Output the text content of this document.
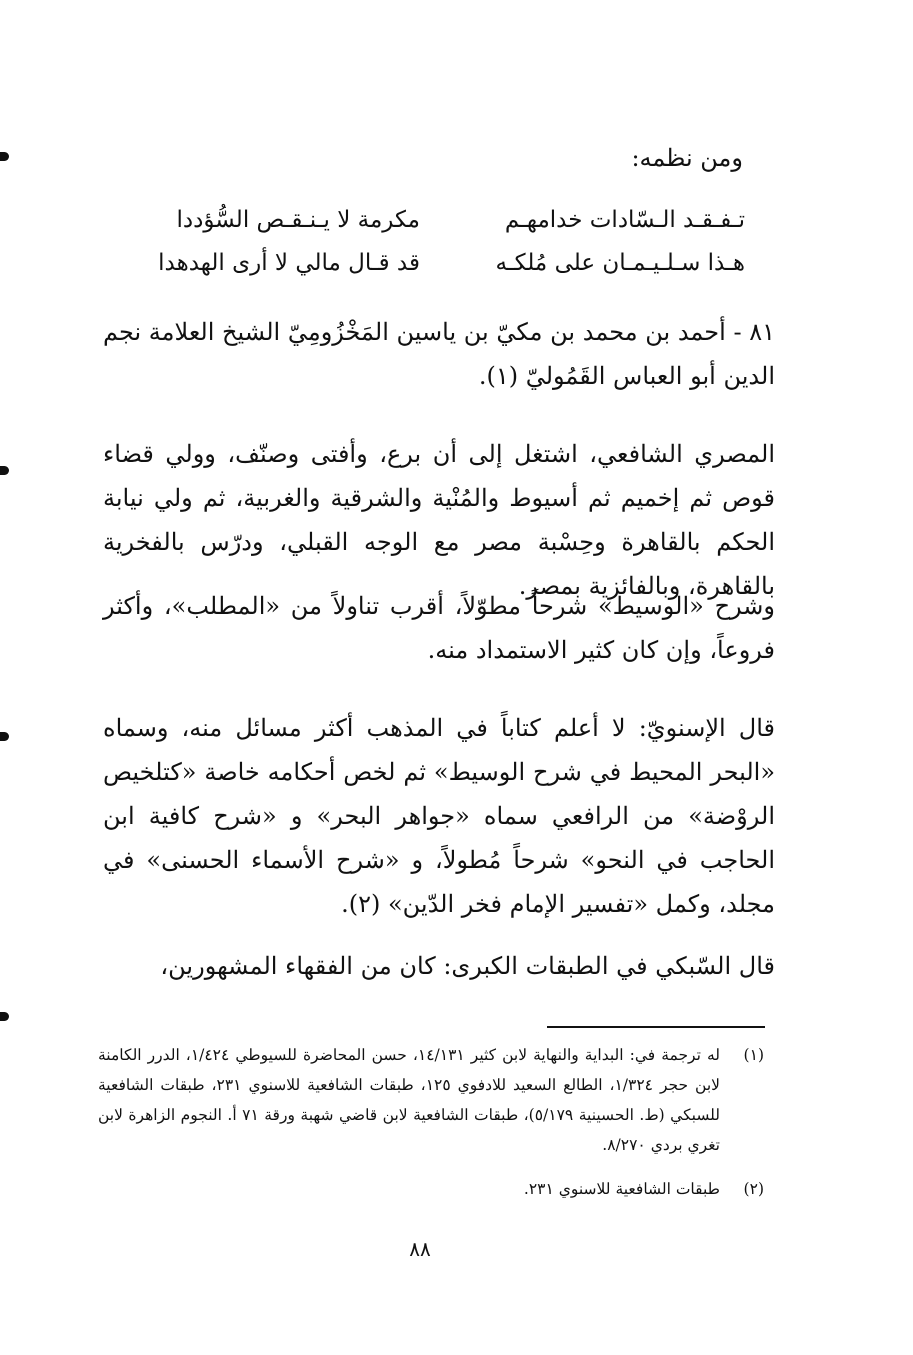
ومن نظمه:
تـفـقـد الـسّادات خدامهـم
مكرمة لا يـنـقـص السُّؤددا
هـذا سـلـيـمـان على مُلكـه
قد قـال مالي لا أرى الهدهدا
٨١ - أحمد بن محمد بن مكيّ بن ياسين المَخْزُومِيّ الشيخ العلامة نجم الدين أبو العباس القَمُوليّ (١).
المصري الشافعي، اشتغل إلى أن برع، وأفتى وصنّف، وولي قضاء قوص ثم إخميم ثم أسيوط والمُنْية والشرقية والغربية، ثم ولي نيابة الحكم بالقاهرة وحِسْبة مصر مع الوجه القبلي، ودرّس بالفخرية بالقاهرة، وبالفائزية بمصر.
وشرح «الوسيط» شرحاً مطوّلاً، أقرب تناولاً من «المطلب»، وأكثر فروعاً، وإن كان كثير الاستمداد منه.
قال الإسنويّ: لا أعلم كتاباً في المذهب أكثر مسائل منه، وسماه «البحر المحيط في شرح الوسيط» ثم لخص أحكامه خاصة «كتلخيص الروْضة» من الرافعي سماه «جواهر البحر» و «شرح كافية ابن الحاجب في النحو» شرحاً مُطولاً، و «شرح الأسماء الحسنى» في مجلد، وكمل «تفسير الإمام فخر الدّين» (٢).
قال السّبكي في الطبقات الكبرى: كان من الفقهاء المشهورين،
(١)
له ترجمة في: البداية والنهاية لابن كثير ١٤/١٣١، حسن المحاضرة للسيوطي ١/٤٢٤، الدرر الكامنة لابن حجر ١/٣٢٤، الطالع السعيد للادفوي ١٢٥، طبقات الشافعية للاسنوي ٢٣١، طبقات الشافعية للسبكي (ط. الحسينية ٥/١٧٩)، طبقات الشافعية لابن قاضي شهبة ورقة ٧١ أ. النجوم الزاهرة لابن تغري بردي ٨/٢٧٠.
(٢)
طبقات الشافعية للاسنوي ٢٣١.
٨٨
